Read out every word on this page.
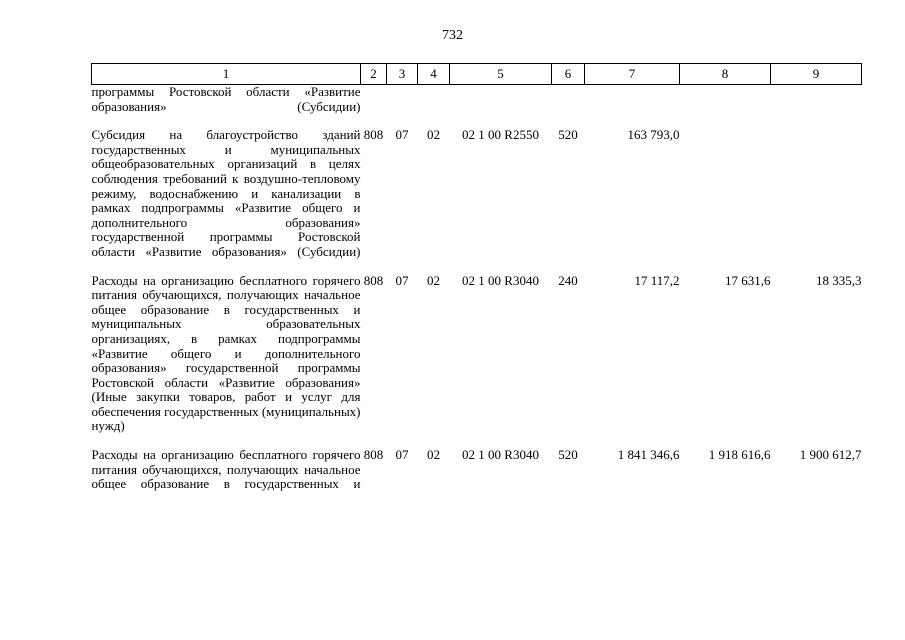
732
1	2	3	4	5	6	7	8	9
программы Ростовской области «Развитие образования» (Субсидии)								
Субсидия на благоустройство зданий государственных и муниципальных общеобразовательных организаций в целях соблюдения требований к воздушно-тепловому режиму, водоснабжению и канализации в рамках подпрограммы «Развитие общего и дополнительного образования» государственной программы Ростовской области «Развитие образования» (Субсидии)	808	07	02	02 1 00 R2550	520	163 793,0		
Расходы на организацию бесплатного горячего питания обучающихся, получающих начальное общее образование в государственных и муниципальных образовательных организациях, в рамках подпрограммы «Развитие общего и дополнительного образования» государственной программы Ростовской области «Развитие образования» (Иные закупки товаров, работ и услуг для обеспечения государственных (муниципальных) нужд)	808	07	02	02 1 00 R3040	240	17 117,2	17 631,6	18 335,3
Расходы на организацию бесплатного горячего питания обучающихся, получающих начальное общее образование в государственных и	808	07	02	02 1 00 R3040	520	1 841 346,6	1 918 616,6	1 900 612,7
